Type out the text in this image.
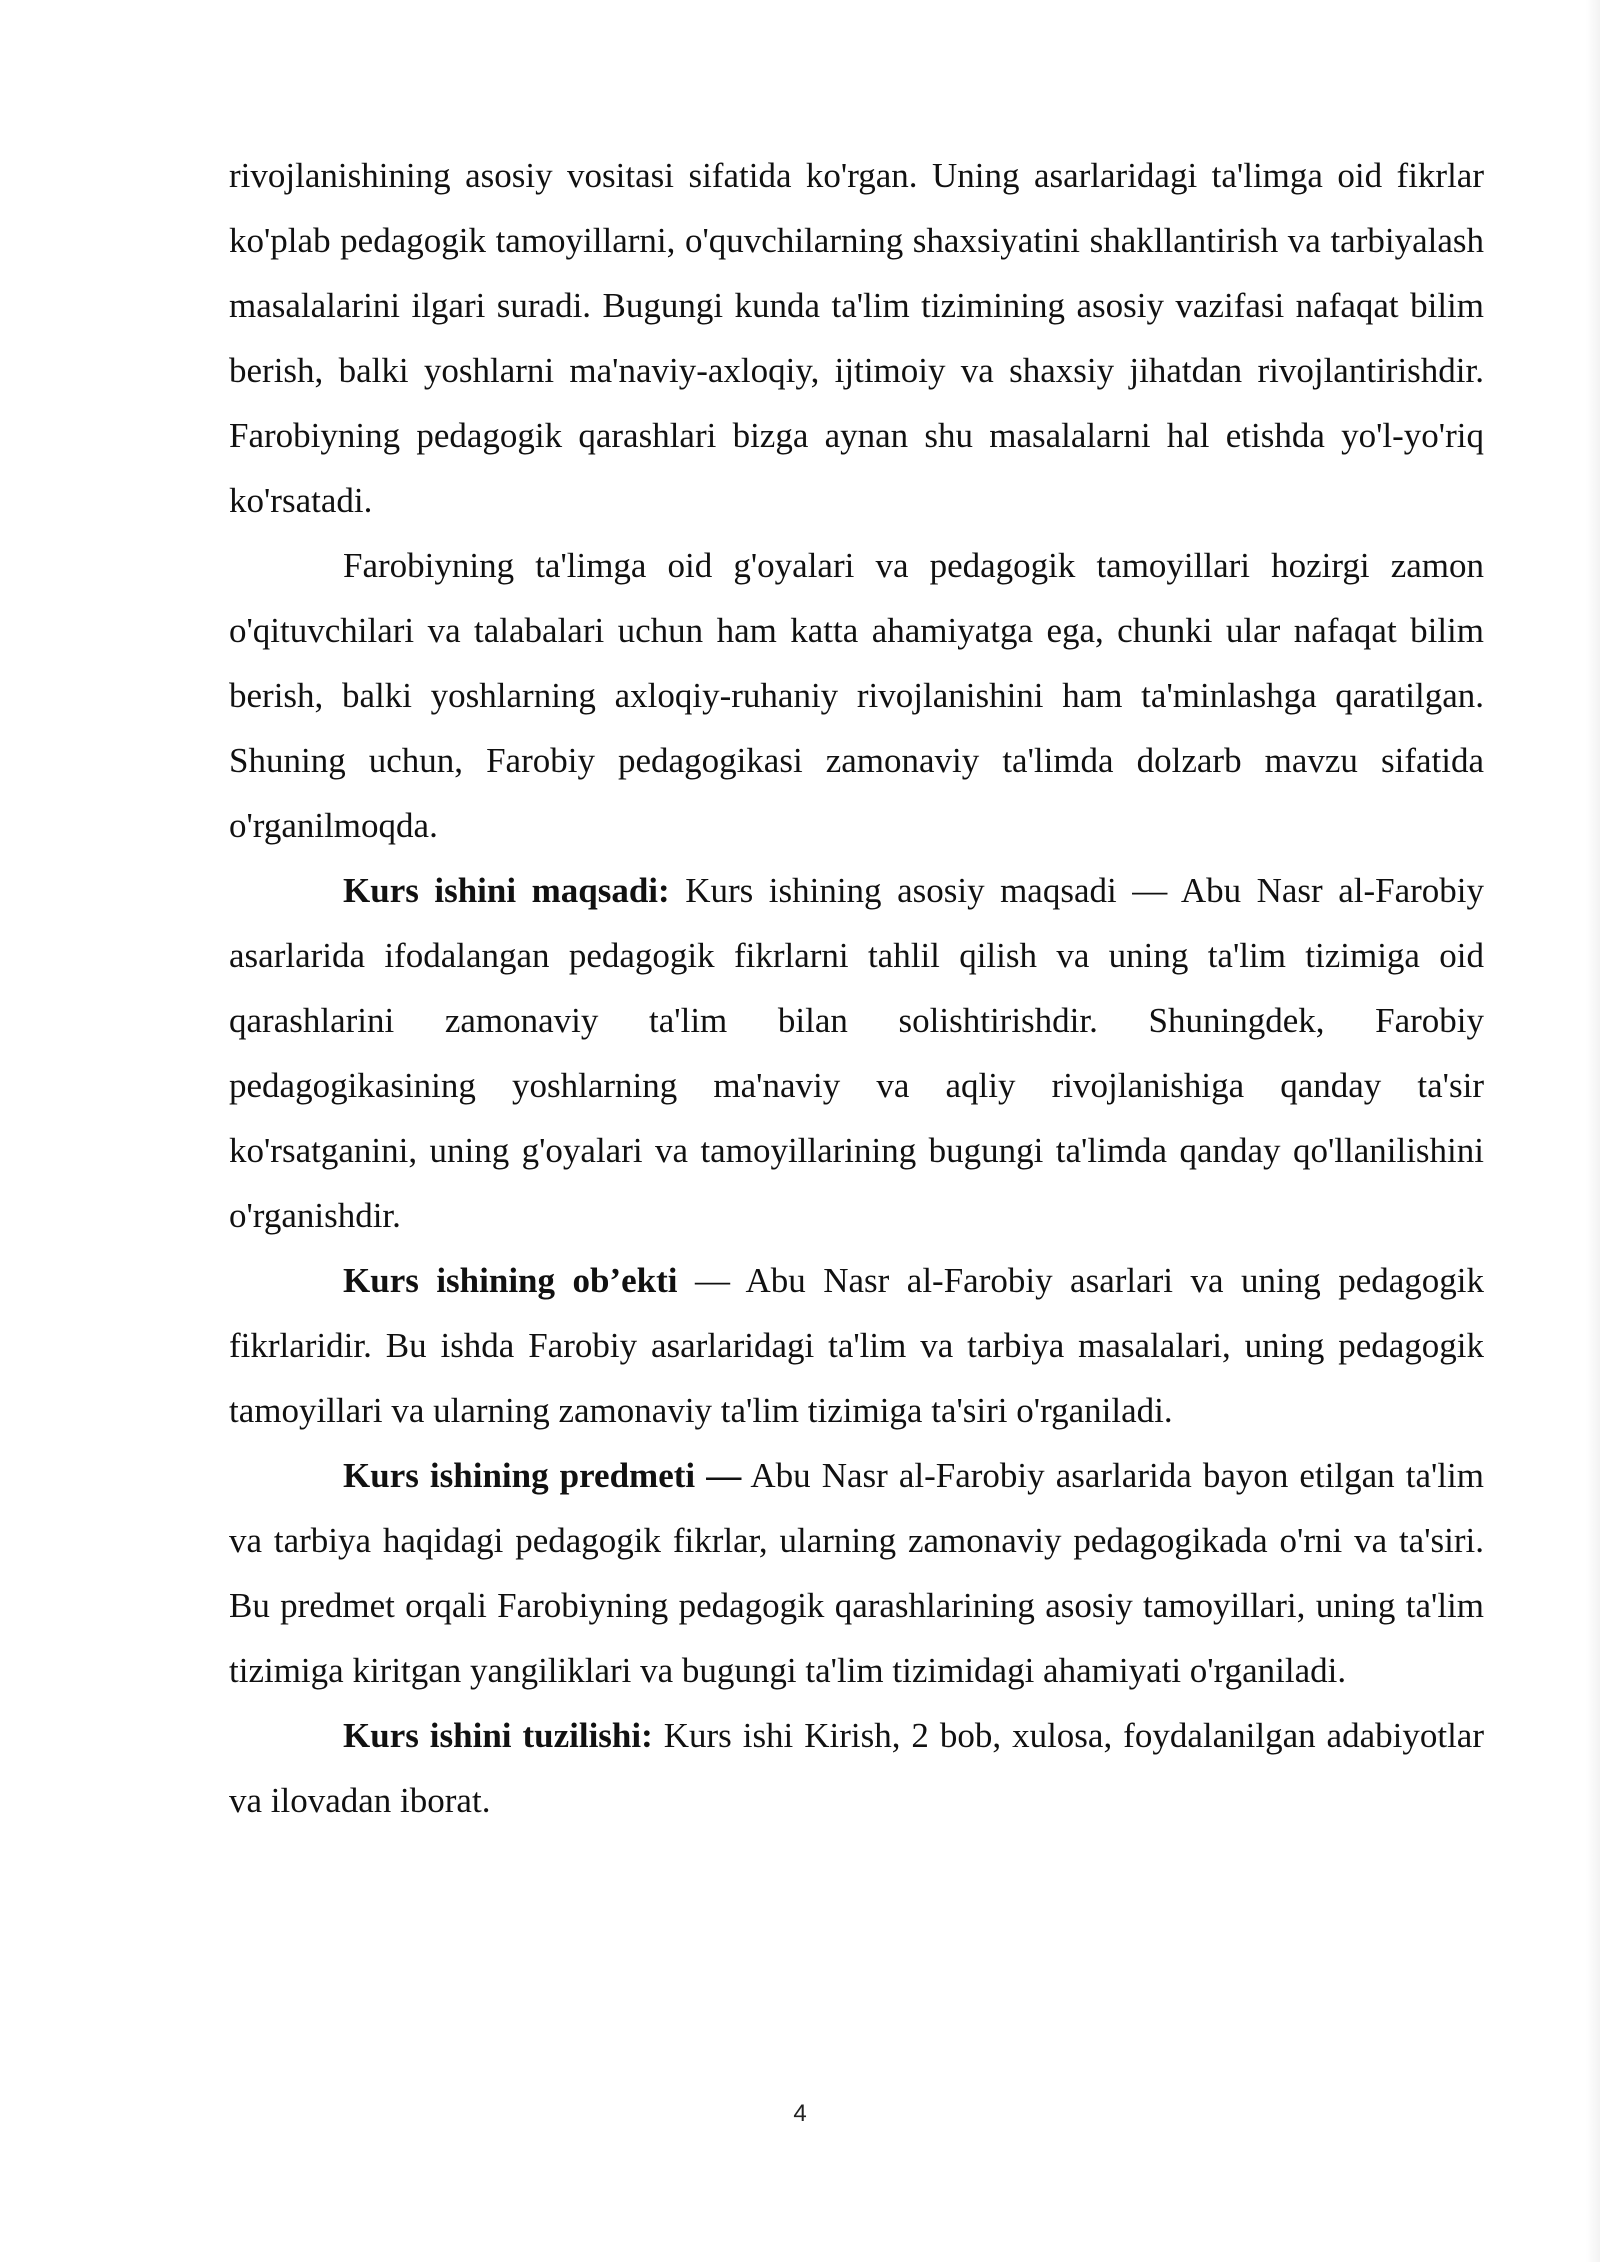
rivojlanishining asosiy vositasi sifatida ko'rgan. Uning asarlaridagi ta'limga oid fikrlar ko'plab pedagogik tamoyillarni, o'quvchilarning shaxsiyatini shakllantirish va tarbiyalash masalalarini ilgari suradi. Bugungi kunda ta'lim tizimining asosiy vazifasi nafaqat bilim berish, balki yoshlarni ma'naviy-axloqiy, ijtimoiy va shaxsiy jihatdan rivojlantirishdir. Farobiyning pedagogik qarashlari bizga aynan shu masalalarni hal etishda yo'l-yo'riq ko'rsatadi.

Farobiyning ta'limga oid g'oyalari va pedagogik tamoyillari hozirgi zamon o'qituvchilari va talabalari uchun ham katta ahamiyatga ega, chunki ular nafaqat bilim berish, balki yoshlarning axloqiy-ruhaniy rivojlanishini ham ta'minlashga qaratilgan. Shuning uchun, Farobiy pedagogikasi zamonaviy ta'limda dolzarb mavzu sifatida o'rganilmoqda.

Kurs ishini maqsadi: Kurs ishining asosiy maqsadi — Abu Nasr al-Farobiy asarlarida ifodalangan pedagogik fikrlarni tahlil qilish va uning ta'lim tizimiga oid qarashlarini zamonaviy ta'lim bilan solishtirishdir. Shuningdek, Farobiy pedagogikasining yoshlarning ma'naviy va aqliy rivojlanishiga qanday ta'sir ko'rsatganini, uning g'oyalari va tamoyillarining bugungi ta'limda qanday qo'llanilishini o'rganishdir.

Kurs ishining ob’ekti — Abu Nasr al-Farobiy asarlari va uning pedagogik fikrlaridir. Bu ishda Farobiy asarlaridagi ta'lim va tarbiya masalalari, uning pedagogik tamoyillari va ularning zamonaviy ta'lim tizimiga ta'siri o'rganiladi.

Kurs ishining predmeti — Abu Nasr al-Farobiy asarlarida bayon etilgan ta'lim va tarbiya haqidagi pedagogik fikrlar, ularning zamonaviy pedagogikada o'rni va ta'siri. Bu predmet orqali Farobiyning pedagogik qarashlarining asosiy tamoyillari, uning ta'lim tizimiga kiritgan yangiliklari va bugungi ta'lim tizimidagi ahamiyati o'rganiladi.

Kurs ishini tuzilishi: Kurs ishi Kirish, 2 bob, xulosa, foydalanilgan adabiyotlar va ilovadan iborat.

4
